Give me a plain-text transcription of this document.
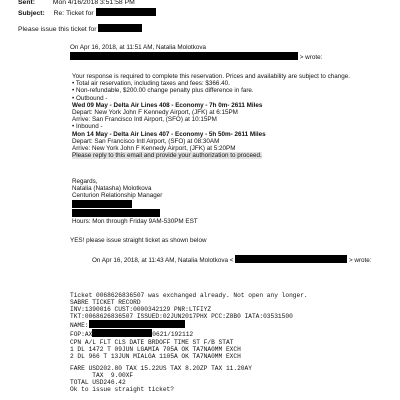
Sent:	Mon 4/16/2018 3:51:58 PM
Subject: Re: Ticket for
Please issue this ticket for
On Apr 16, 2018, at 11:51 AM, Natalia Molotkova
> wrote:
Your response is required to complete this reservation. Prices and availability are subject to change.
• Total air reservation, including taxes and fees: $366.40.
• Non-refundable, $200.00 change penalty plus difference in fare.
• Outbound -
Wed 09 May - Delta Air Lines 408 - Economy - 7h 0m- 2611 Miles
Depart: New York John F Kennedy Airport, (JFK) at 6:15PM
Arrive: San Francisco Intl Airport, (SFO) at 10:15PM
• Inbound -
Mon 14 May - Delta Air Lines 407 - Economy - 5h 50m- 2611 Miles
Depart: San Francisco Intl Airport, (SFO) at 08:30AM
Arrive: New York John F Kennedy Airport, (JFK) at 5:20PM
Please reply to this email and provide your authorization to proceed.
Regards,
Natalia (Natasha) Molotkova
Centurion Relationship Manager
Hours: Mon through Friday 9AM-530PM EST
YES! please issue straight ticket as shown below
On Apr 16, 2018, at 11:43 AM, Natalia Molotkova <	> wrote:
Ticket 0068626836507 was exchanged already. Not open any longer.
SABRE TICKET RECORD
INV:1390016 CUST:0000342129 PNR:LTFIYZ
TKT:0068626836507 ISSUED:02JUN2017PHX PCC:Z8B0 IATA:03531500
NAME:
FOP:AX	0621/192112
CPN A/L FLT CLS DATE BRDOFF TIME ST F/B STAT
1 DL 1472 T 09JUN LGAMIA 705A OK TA7NA0MM EXCH
2 DL 966 T 13JUN MIALGA 1105A OK TA7NA0MM EXCH
FARE USD202.80 TAX 15.22US TAX 8.20ZP TAX 11.20AY
TAX  9.00XF
TOTAL USD246.42
Ok to issue straight ticket?
